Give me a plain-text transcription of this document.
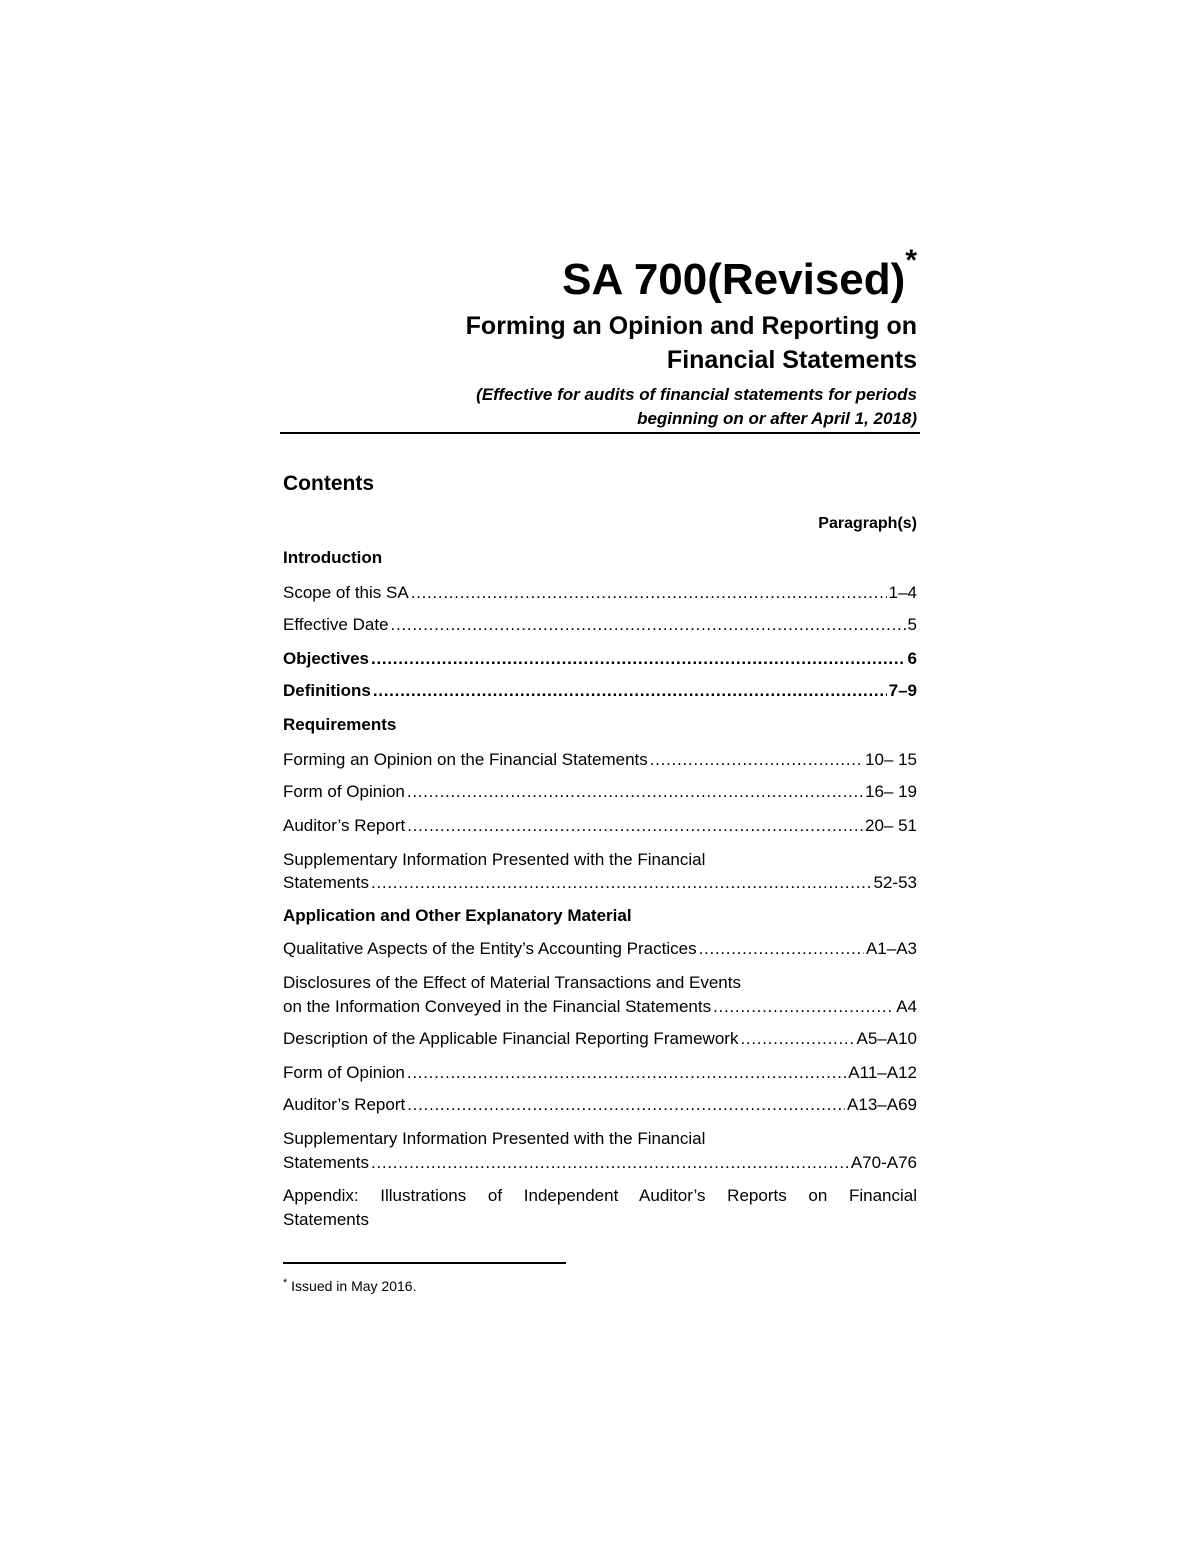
SA 700(Revised)*
Forming an Opinion and Reporting on
Financial Statements
(Effective for audits of financial statements for periods
beginning on or after April 1, 2018)
Contents
Paragraph(s)
Introduction
Scope of this SA . . .	1–4
Effective Date . . .	5
Objectives . . .	6
Definitions . . .	7–9
Requirements
Forming an Opinion on the Financial Statements . . .	10– 15
Form of Opinion . . .	16– 19
Auditor’s Report . . .	20– 51
Supplementary Information Presented with the Financial
Statements . . .	52-53
Application and Other Explanatory Material
Qualitative Aspects of the Entity’s Accounting Practices . . .	A1–A3
Disclosures of the Effect of Material Transactions and Events
on the Information Conveyed in the Financial Statements . . .	A4
Description of the Applicable Financial Reporting Framework . . .	A5–A10
Form of Opinion . . .	A11–A12
Auditor’s Report . . .	A13–A69
Supplementary Information Presented with the Financial
Statements . . .	A70-A76
Appendix: Illustrations of Independent Auditor’s Reports on Financial
Statements
* Issued in May 2016.
